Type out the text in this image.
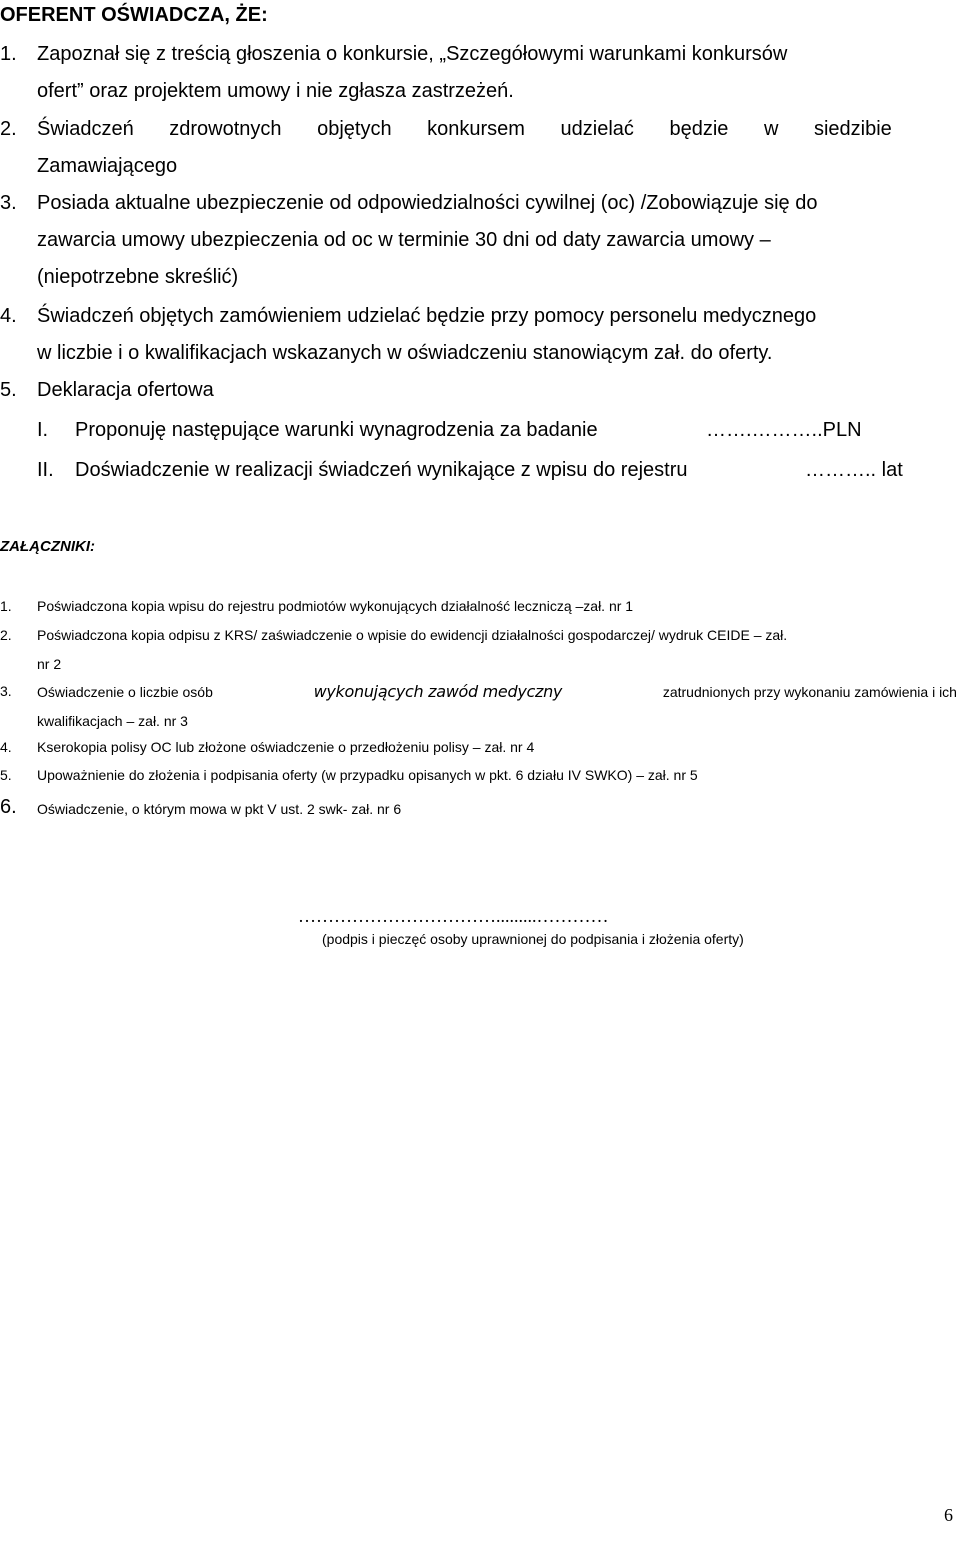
OFERENT OŚWIADCZA, ŻE:
1. Zapoznał się z treścią głoszenia o konkursie, „Szczegółowymi warunkami konkursów
ofert” oraz projektem umowy i nie zgłasza zastrzeżeń.
2. Świadczeń zdrowotnych objętych konkursem udzielać będzie w siedzibie
Zamawiającego
3. Posiada aktualne ubezpieczenie od odpowiedzialności cywilnej (oc) /Zobowiązuje się do
zawarcia umowy ubezpieczenia od oc w terminie 30 dni od daty zawarcia umowy –
(niepotrzebne skreślić)
4. Świadczeń objętych zamówieniem udzielać będzie przy pomocy personelu medycznego
w liczbie i o kwalifikacjach wskazanych w oświadczeniu stanowiącym zał. do oferty.
5. Deklaracja ofertowa
I. Proponuję następujące warunki wynagrodzenia za badanie	…….………..PLN
II. Doświadczenie w realizacji świadczeń wynikające z wpisu do rejestru	……….. lat
ZAŁĄCZNIKI:
1. Poświadczona kopia wpisu do rejestru podmiotów wykonujących działalność leczniczą –zał. nr 1
2. Poświadczona kopia odpisu z KRS/ zaświadczenie o wpisie do ewidencji działalności gospodarczej/ wydruk CEIDE – zał.
nr 2
3. Oświadczenie o liczbie osób	wykonujących zawód medyczny	zatrudnionych przy wykonaniu zamówienia i ich
kwalifikacjach – zał. nr 3
4. Kserokopia polisy OC lub złożone oświadczenie o przedłożeniu polisy – zał. nr 4
5. Upoważnienie do złożenia i podpisania oferty (w przypadku opisanych w pkt. 6 działu IV SWKO) – zał. nr 5
6. Oświadczenie, o którym mowa w pkt V ust. 2 swk- zał. nr 6
…………………………….........…………
(podpis i pieczęć osoby uprawnionej do podpisania i złożenia oferty)
6
